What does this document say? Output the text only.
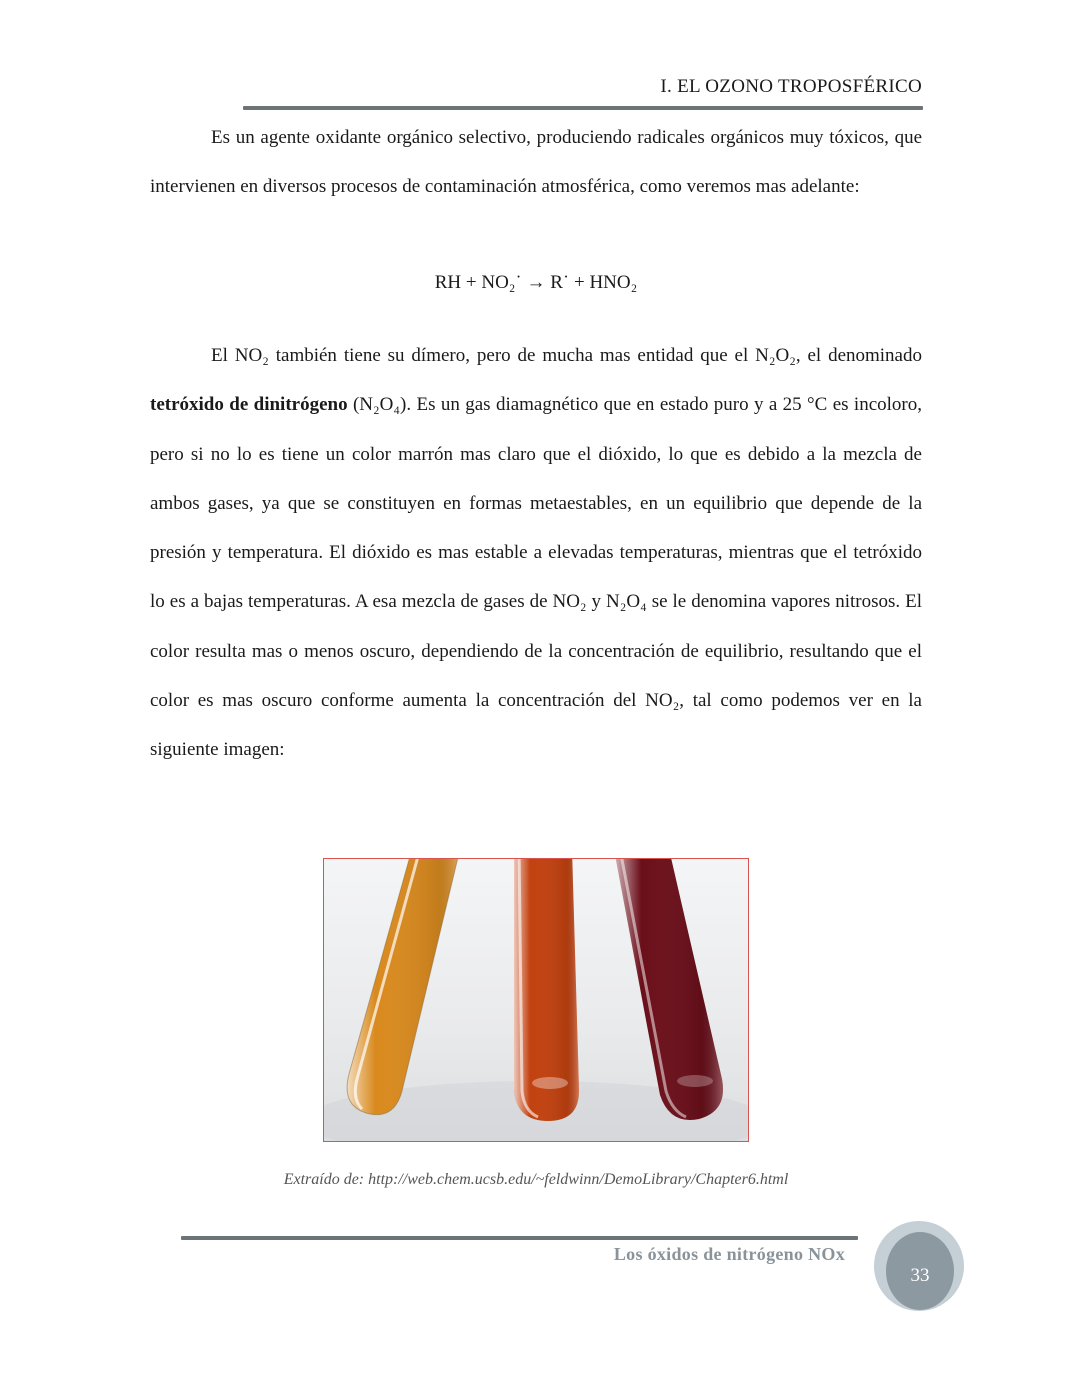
I. EL OZONO TROPOSFÉRICO

Es un agente oxidante orgánico selectivo, produciendo radicales orgánicos muy tóxicos, que intervienen en diversos procesos de contaminación atmosférica, como veremos mas adelante:

RH + NO₂˙ → R˙ + HNO₂

El NO₂ también tiene su dímero, pero de mucha mas entidad que el N₂O₂, el denominado tetróxido de dinitrógeno (N₂O₄). Es un gas diamagnético que en estado puro y a 25 °C es incoloro, pero si no lo es tiene un color marrón mas claro que el dióxido, lo que es debido a la mezcla de ambos gases, ya que se constituyen en formas metaestables, en un equilibrio que depende de la presión y temperatura. El dióxido es mas estable a elevadas temperaturas, mientras que el tetróxido lo es a bajas temperaturas. A esa mezcla de gases de NO₂ y N₂O₄ se le denomina vapores nitrosos. El color resulta mas o menos oscuro, dependiendo de la concentración de equilibrio, resultando que el color es mas oscuro conforme aumenta la concentración del NO₂, tal como podemos ver en la siguiente imagen:

Extraído de: http://web.chem.ucsb.edu/~feldwinn/DemoLibrary/Chapter6.html
Los óxidos de nitrógeno NOx
33
